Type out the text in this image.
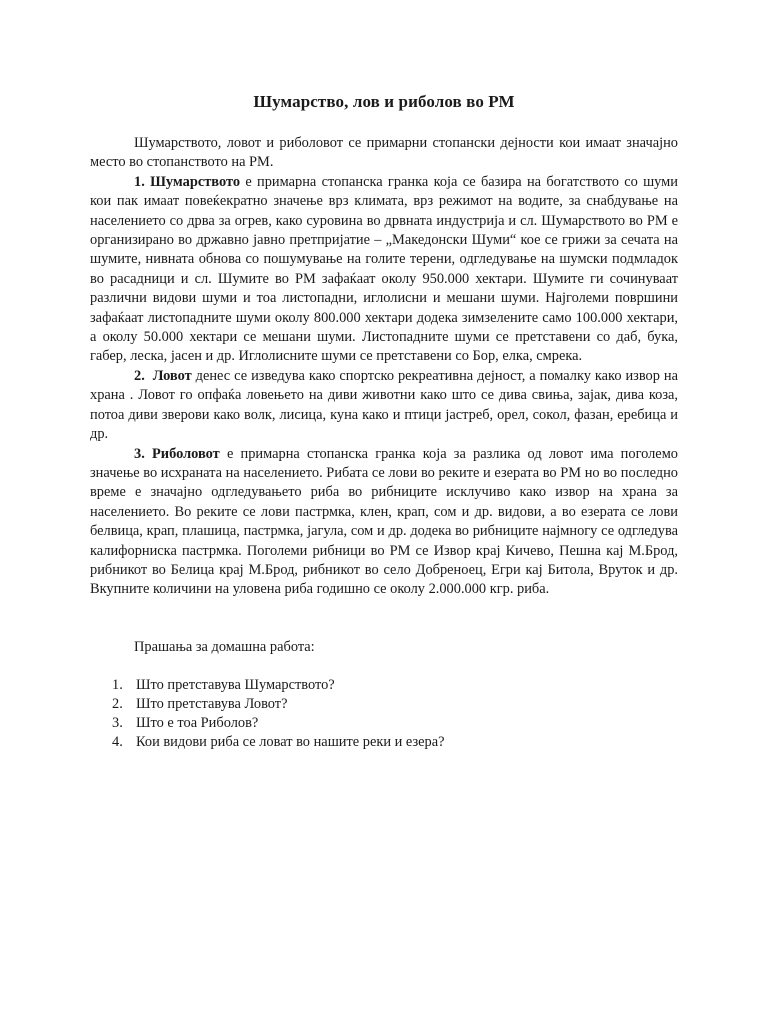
Шумарство, лов и риболов во РМ

Шумарството, ловот и риболовот се примарни стопански дејности кои имаат значајно место во стопанството на РМ.

1. Шумарството е примарна стопанска гранка која се базира на богатството со шуми кои пак имаат повеќекратно значење врз климата, врз режимот на водите, за снабдување на населението со дрва за огрев, како суровина во дрвната индустрија и сл. Шумарството во РМ е организирано во државно јавно претпријатие – „Македонски Шуми“ кое се грижи за сечата на шумите, нивната обнова со пошумување на голите терени, одгледување на шумски подмладок во расадници и сл. Шумите во РМ зафаќаат околу 950.000 хектари. Шумите ги сочинуваат различни видови шуми и тоа листопадни, иглолисни и мешани шуми. Најголеми површини зафаќаат листопадните шуми околу 800.000 хектари додека зимзелените само 100.000 хектари, а околу 50.000 хектари се мешани шуми. Листопадните шуми се претставени со даб, бука, габер, леска, јасен и др. Иглолисните шуми се претставени со Бор, елка, смрека.

2. Ловот денес се изведува како спортско рекреативна дејност, а помалку како извор на храна . Ловот го опфаќа ловењето на диви животни како што се дива свиња, зајак, дива коза, потоа диви зверови како волк, лисица, куна како и птици јастреб, орел, сокол, фазан, еребица и др.

3. Риболовот е примарна стопанска гранка која за разлика од ловот има поголемо значење во исхраната на населението. Рибата се лови во реките и езерата во РМ но во последно време е значајно одгледувањето риба во рибниците исклучиво како извор на храна за населението. Во реките се лови пастрмка, клен, крап, сом и др. видови, а во езерата се лови белвица, крап, плашица, пастрмка, јагула, сом и др. додека во рибниците најмногу се одгледува калифорниска пастрмка. Поголеми рибници во РМ се Извор крај Кичево, Пешна кај М.Брод, рибникот во Белица крај М.Брод, рибникот во село Добреноец, Егри кај Битола, Вруток и др. Вкупните количини на уловена риба годишно се околу 2.000.000 кгр. риба.

Прашања за домашна работа:

1. Што претставува Шумарството?
2. Што претставува Ловот?
3. Што е тоа Риболов?
4. Кои видови риба се ловат во нашите реки и езера?
